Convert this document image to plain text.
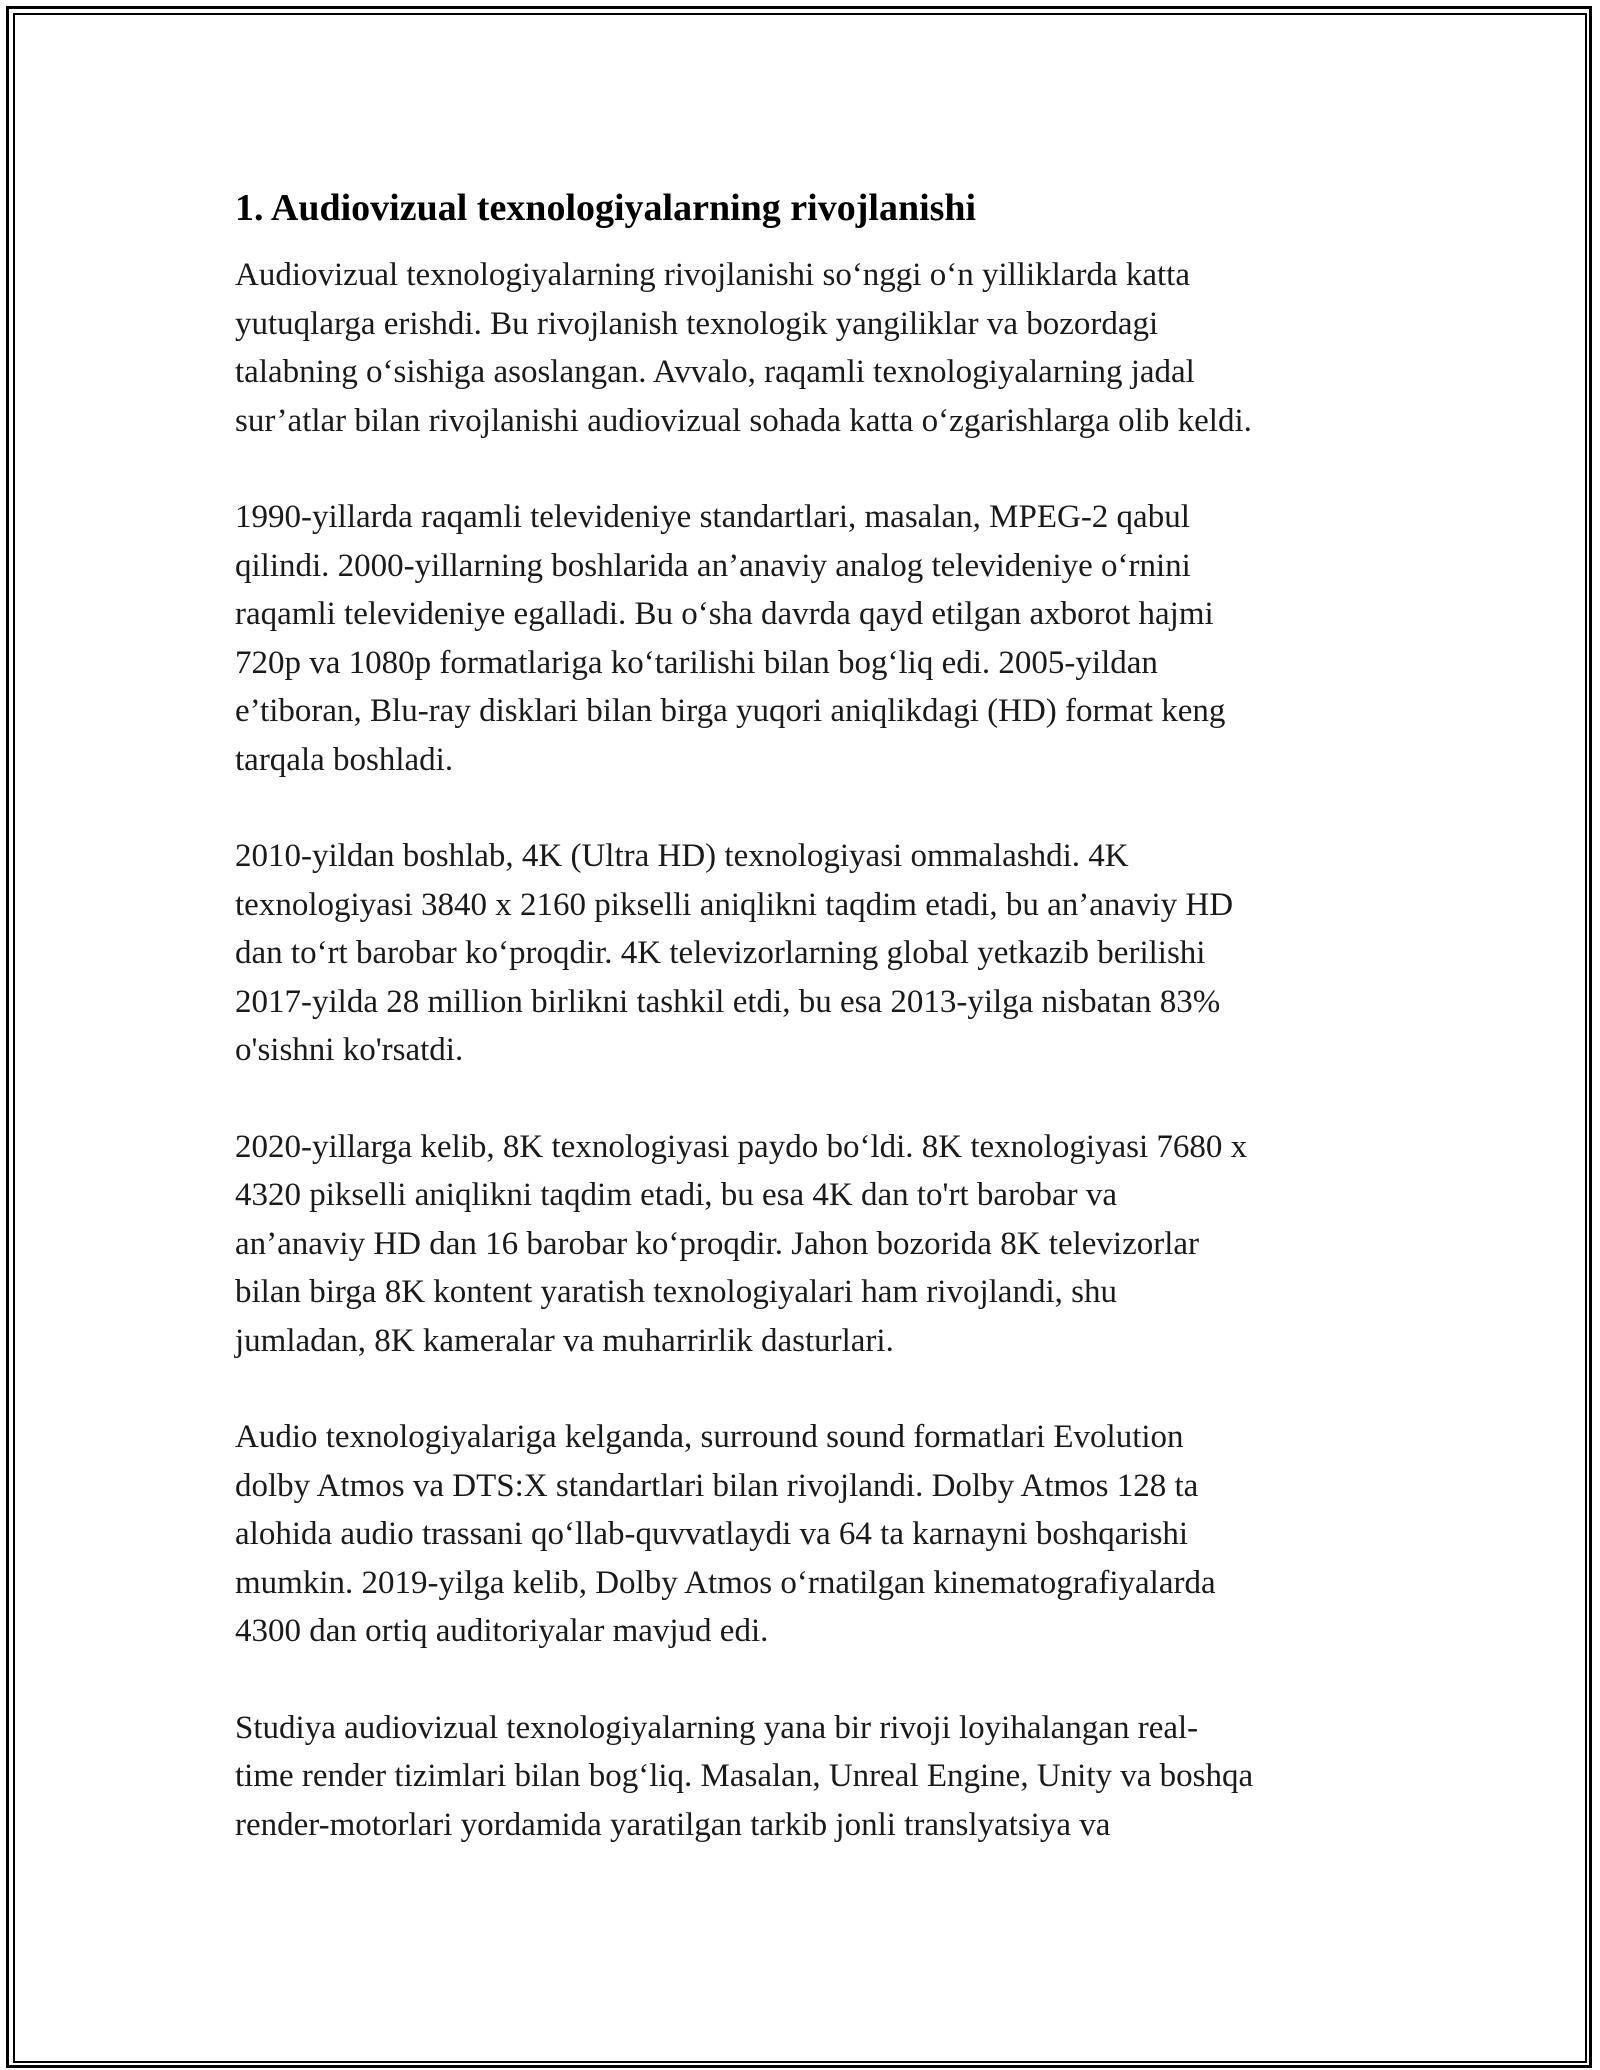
1. Audiovizual texnologiyalarning rivojlanishi

Audiovizual texnologiyalarning rivojlanishi so‘nggi o‘n yilliklarda katta
yutuqlarga erishdi. Bu rivojlanish texnologik yangiliklar va bozordagi
talabning o‘sishiga asoslangan. Avvalo, raqamli texnologiyalarning jadal
sur’atlar bilan rivojlanishi audiovizual sohada katta o‘zgarishlarga olib keldi.

1990-yillarda raqamli televideniye standartlari, masalan, MPEG-2 qabul
qilindi. 2000-yillarning boshlarida an’anaviy analog televideniye o‘rnini
raqamli televideniye egalladi. Bu o‘sha davrda qayd etilgan axborot hajmi
720p va 1080p formatlariga ko‘tarilishi bilan bog‘liq edi. 2005-yildan
e’tiboran, Blu-ray disklari bilan birga yuqori aniqlikdagi (HD) format keng
tarqala boshladi.

2010-yildan boshlab, 4K (Ultra HD) texnologiyasi ommalashdi. 4K
texnologiyasi 3840 x 2160 pikselli aniqlikni taqdim etadi, bu an’anaviy HD
dan to‘rt barobar ko‘proqdir. 4K televizorlarning global yetkazib berilishi
2017-yilda 28 million birlikni tashkil etdi, bu esa 2013-yilga nisbatan 83%
o'sishni ko'rsatdi.

2020-yillarga kelib, 8K texnologiyasi paydo bo‘ldi. 8K texnologiyasi 7680 x
4320 pikselli aniqlikni taqdim etadi, bu esa 4K dan to'rt barobar va
an’anaviy HD dan 16 barobar ko‘proqdir. Jahon bozorida 8K televizorlar
bilan birga 8K kontent yaratish texnologiyalari ham rivojlandi, shu
jumladan, 8K kameralar va muharrirlik dasturlari.

Audio texnologiyalariga kelganda, surround sound formatlari Evolution
dolby Atmos va DTS:X standartlari bilan rivojlandi. Dolby Atmos 128 ta
alohida audio trassani qo‘llab-quvvatlaydi va 64 ta karnayni boshqarishi
mumkin. 2019-yilga kelib, Dolby Atmos o‘rnatilgan kinematografiyalarda
4300 dan ortiq auditoriyalar mavjud edi.

Studiya audiovizual texnologiyalarning yana bir rivoji loyihalangan real-
time render tizimlari bilan bog‘liq. Masalan, Unreal Engine, Unity va boshqa
render-motorlari yordamida yaratilgan tarkib jonli translyatsiya va
